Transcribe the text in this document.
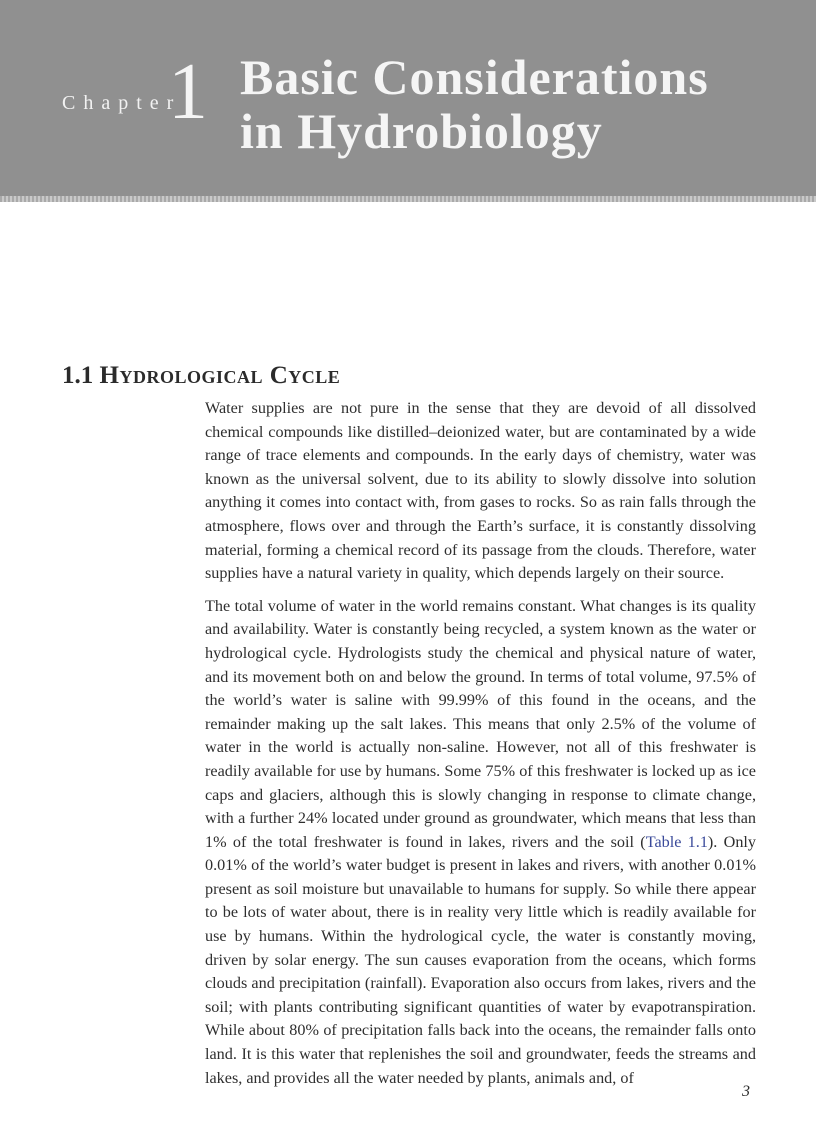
Chapter
1 Basic Considerations
in Hydrobiology
1.1 Hydrological Cycle

Water supplies are not pure in the sense that they are devoid of all dissolved chemical compounds like distilled–deionized water, but are contaminated by a wide range of trace elements and compounds. In the early days of chemistry, water was known as the universal solvent, due to its ability to slowly dissolve into solution anything it comes into contact with, from gases to rocks. So as rain falls through the atmosphere, flows over and through the Earth’s surface, it is constantly dissolving material, forming a chemical record of its passage from the clouds. Therefore, water supplies have a natural variety in quality, which depends largely on their source.

The total volume of water in the world remains constant. What changes is its quality and availability. Water is constantly being recycled, a system known as the water or hydrological cycle. Hydrologists study the chemical and physical nature of water, and its movement both on and below the ground. In terms of total volume, 97.5% of the world’s water is saline with 99.99% of this found in the oceans, and the remainder making up the salt lakes. This means that only 2.5% of the volume of water in the world is actually non-saline. However, not all of this freshwater is readily available for use by humans. Some 75% of this freshwater is locked up as ice caps and glaciers, although this is slowly changing in response to climate change, with a further 24% located under ground as groundwater, which means that less than 1% of the total freshwater is found in lakes, rivers and the soil (Table 1.1). Only 0.01% of the world’s water budget is present in lakes and rivers, with another 0.01% present as soil moisture but unavailable to humans for supply. So while there appear to be lots of water about, there is in reality very little which is readily available for use by humans. Within the hydrological cycle, the water is constantly moving, driven by solar energy. The sun causes evaporation from the oceans, which forms clouds and precipitation (rainfall). Evaporation also occurs from lakes, rivers and the soil; with plants contributing significant quantities of water by evapotranspiration. While about 80% of precipitation falls back into the oceans, the remainder falls onto land. It is this water that replenishes the soil and groundwater, feeds the streams and lakes, and provides all the water needed by plants, animals and, of

3
